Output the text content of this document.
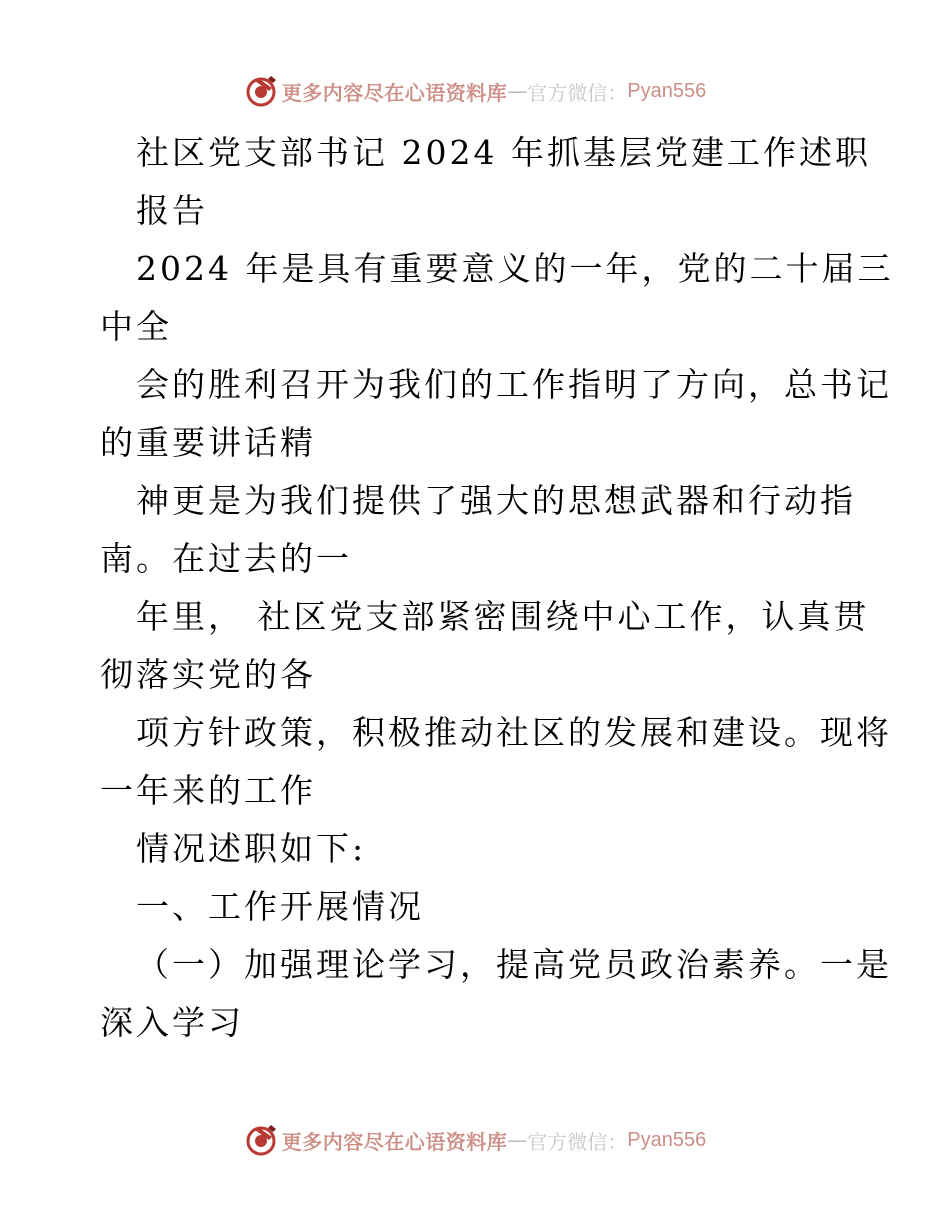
更多内容尽在心语资料库 — 官方微信： Pyan556
社区党支部书记 2024 年抓基层党建工作述职
报告
2024 年是具有重要意义的一年，党的二十届三
中全
会的胜利召开为我们的工作指明了方向，总书记
的重要讲话精
神更是为我们提供了强大的思想武器和行动指
南。在过去的一
年里， 社区党支部紧密围绕中心工作，认真贯
彻落实党的各
项方针政策，积极推动社区的发展和建设。现将
一年来的工作
情况述职如下:
一、工作开展情况
（一）加强理论学习，提高党员政治素养。一是
深入学习
更多内容尽在心语资料库 — 官方微信： Pyan556
